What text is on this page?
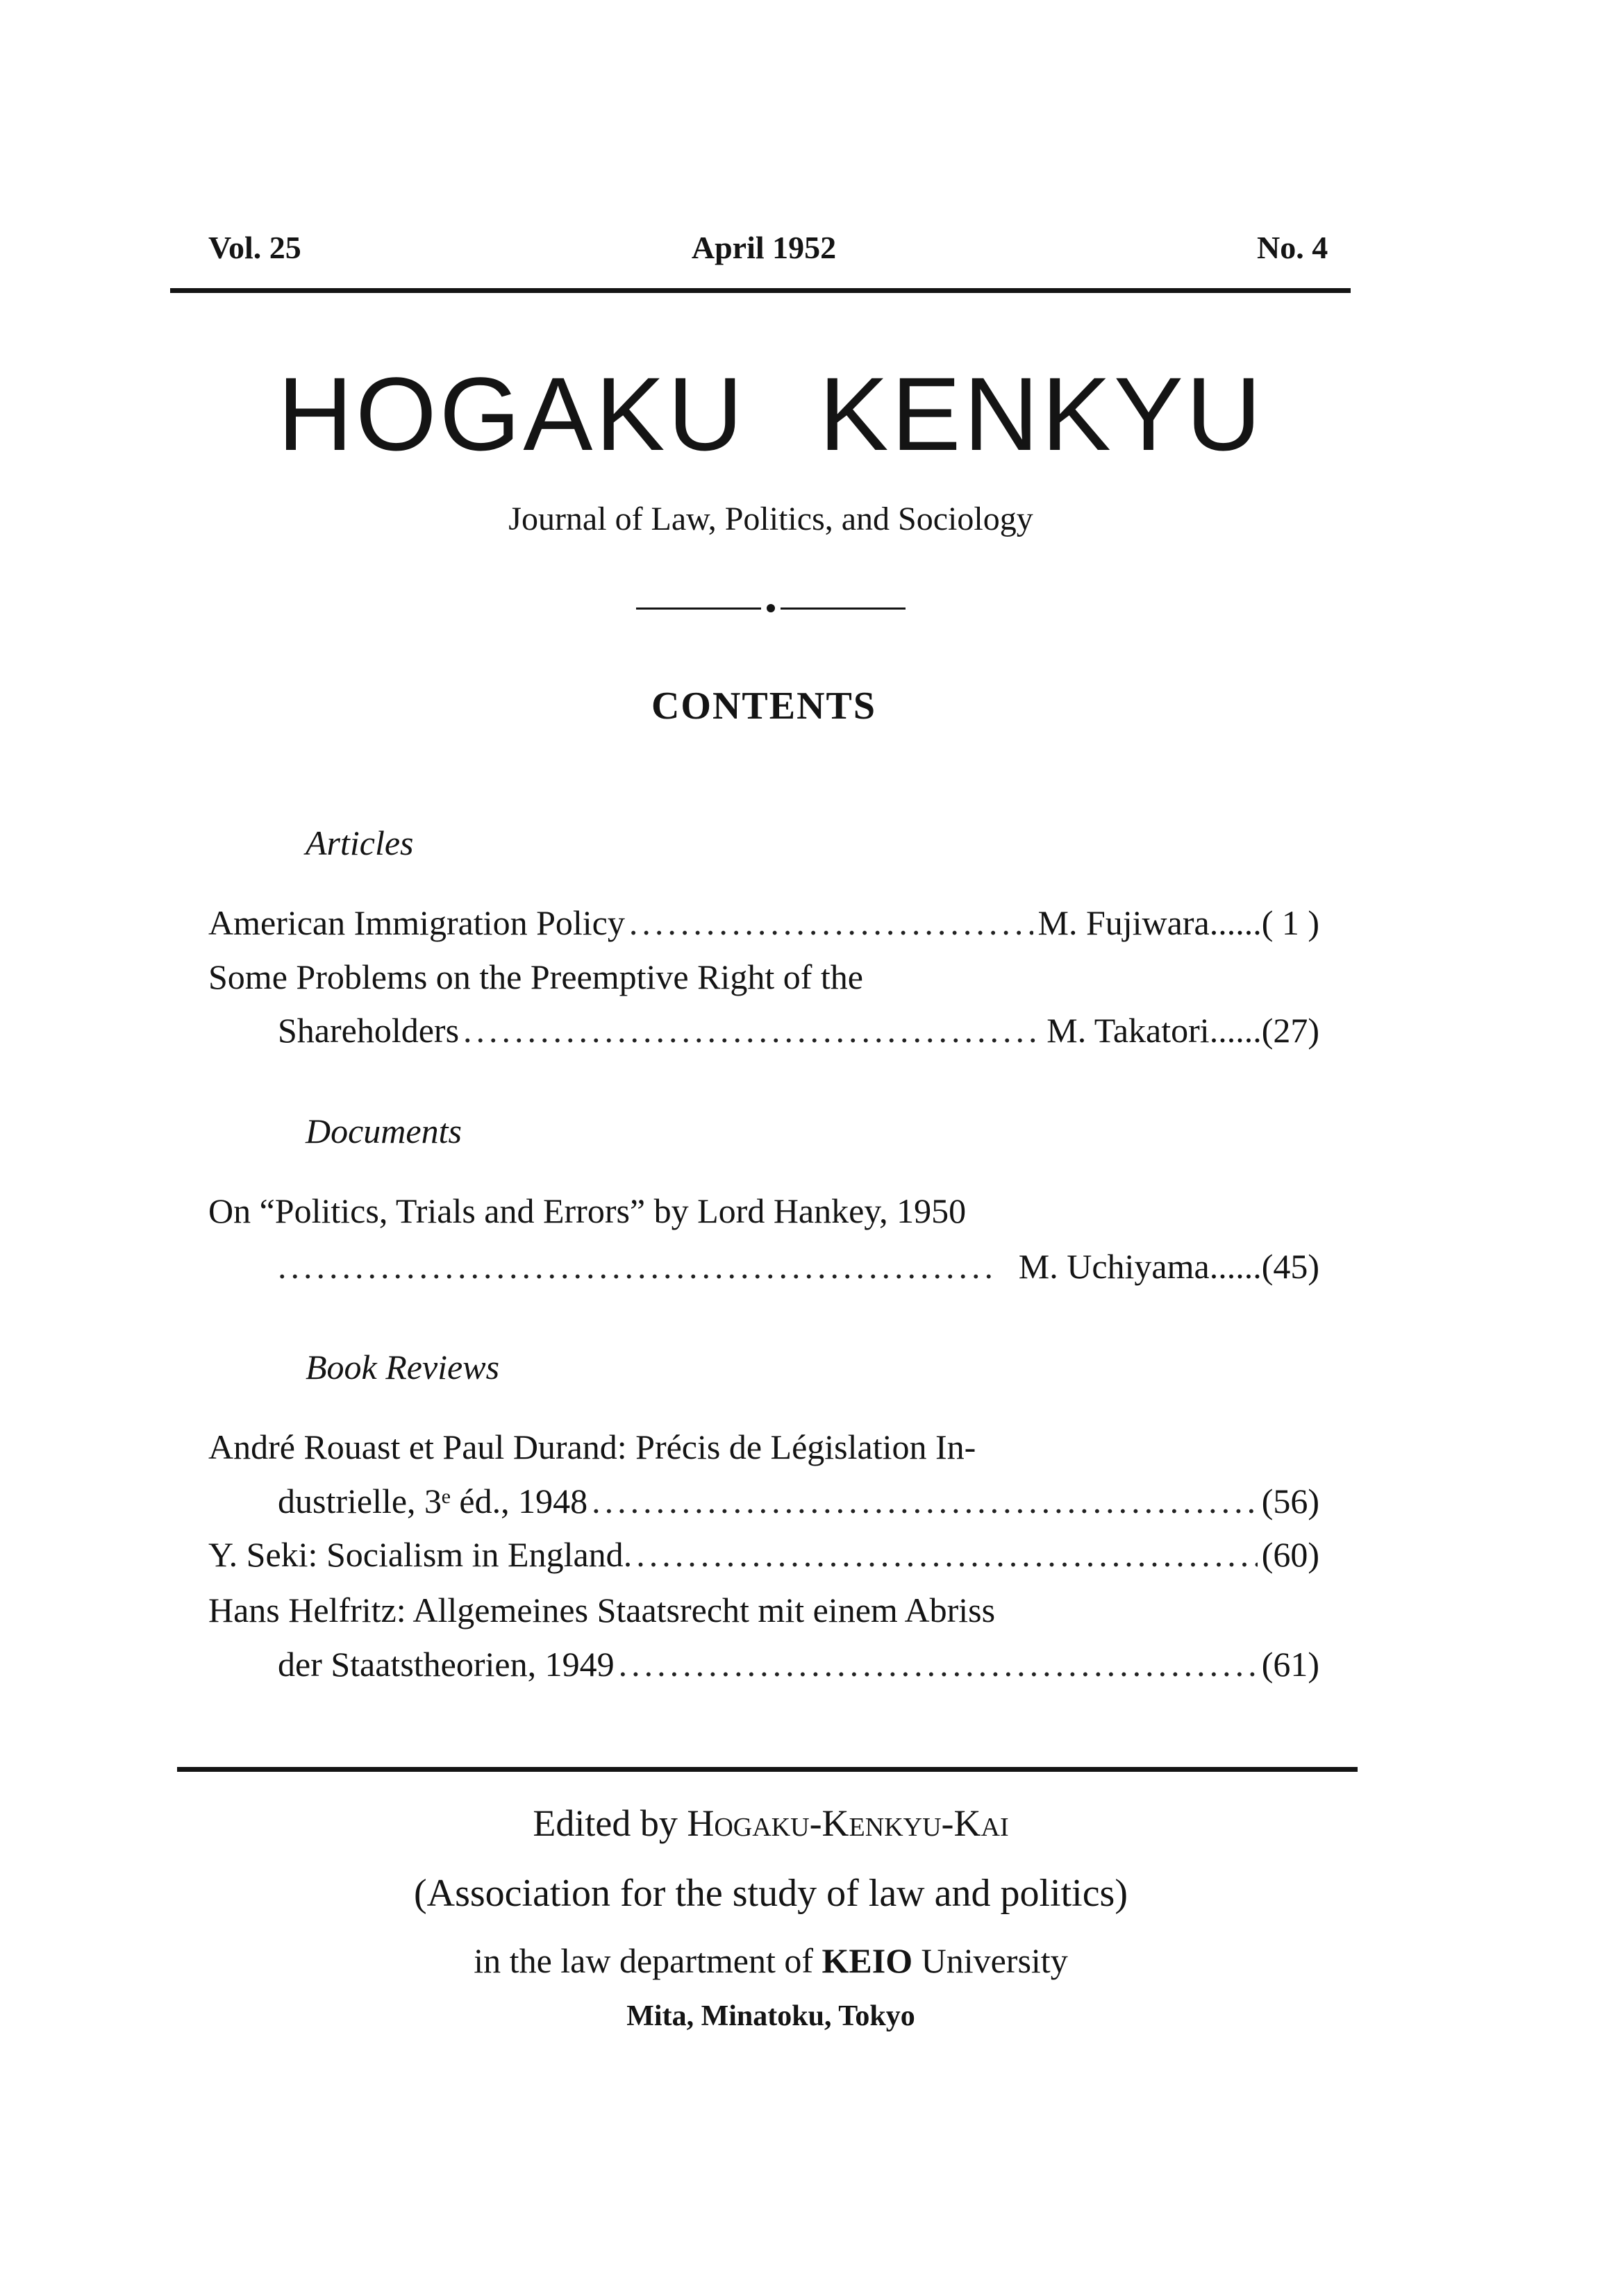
Vol. 25	April 1952	No. 4
HOGAKU KENKYU
Journal of Law, Politics, and Sociology
CONTENTS
Articles
American Immigration Policy .....	M. Fujiwara ...... ( 1 )
Some Problems on the Preemptive Right of the
Shareholders .....	M. Takatori ...... (27)
Documents
On “Politics, Trials and Errors” by Lord Hankey, 1950
.....
M. Uchiyama ...... (45)
Book Reviews
André Rouast et Paul Durand: Précis de Législation In-
dustrielle, 3ᵉ éd., 1948 .....	(56)
Y. Seki: Socialism in England .....	(60)
Hans Helfritz: Allgemeines Staatsrecht mit einem Abriss
der Staatstheorien, 1949 .....	(61)
Edited by Hogaku-Kenkyu-Kai
(Association for the study of law and politics)
in the law department of KEIO University
Mita, Minatoku, Tokyo
